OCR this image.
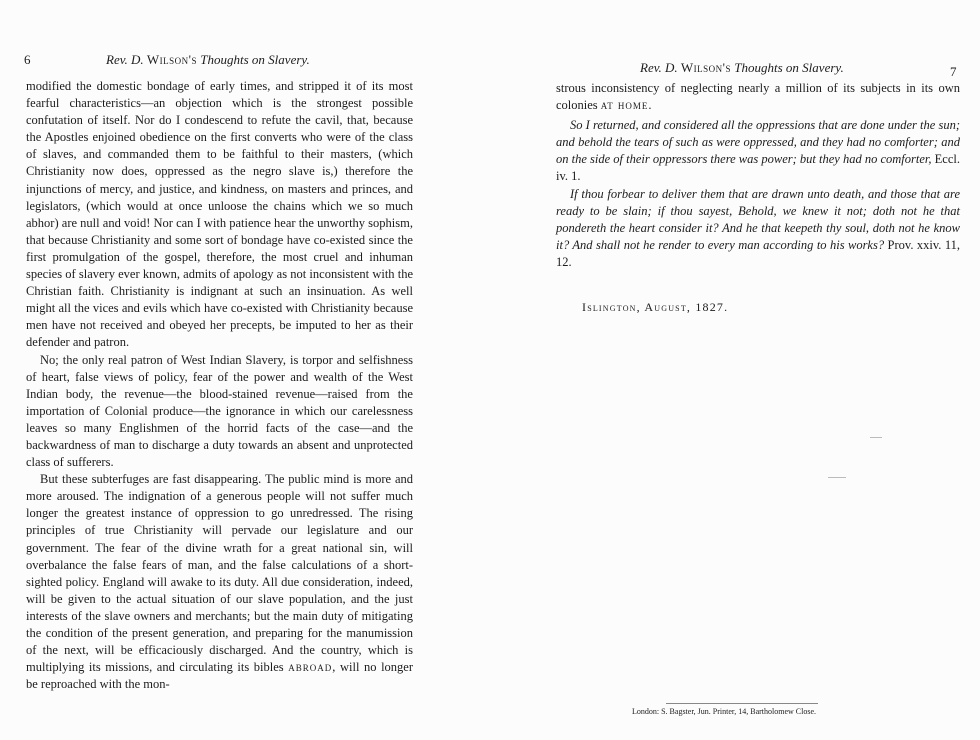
6	Rev. D. Wilson's Thoughts on Slavery.

modified the domestic bondage of early times, and stripped it of its most fearful characteristics—an objection which is the strongest possible confutation of itself. Nor do I condescend to refute the cavil, that, because the Apostles enjoined obedience on the first converts who were of the class of slaves, and commanded them to be faithful to their masters, (which Christianity now does, oppressed as the negro slave is,) therefore the injunctions of mercy, and justice, and kindness, on masters and princes, and legislators, (which would at once unloose the chains which we so much abhor) are null and void! Nor can I with patience hear the unworthy sophism, that because Christianity and some sort of bondage have co-existed since the first promulgation of the gospel, therefore, the most cruel and inhuman species of slavery ever known, admits of apology as not inconsistent with the Christian faith. Christianity is indignant at such an insinuation. As well might all the vices and evils which have co-existed with Christianity because men have not received and obeyed her precepts, be imputed to her as their defender and patron.

No; the only real patron of West Indian Slavery, is torpor and selfishness of heart, false views of policy, fear of the power and wealth of the West Indian body, the revenue—the blood-stained revenue—raised from the importation of Colonial produce—the ignorance in which our carelessness leaves so many Englishmen of the horrid facts of the case—and the backwardness of man to discharge a duty towards an absent and unprotected class of sufferers.

But these subterfuges are fast disappearing. The public mind is more and more aroused. The indignation of a generous people will not suffer much longer the greatest instance of oppression to go unredressed. The rising principles of true Christianity will pervade our legislature and our government. The fear of the divine wrath for a great national sin, will overbalance the false fears of man, and the false calculations of a short-sighted policy. England will awake to its duty. All due consideration, indeed, will be given to the actual situation of our slave population, and the just interests of the slave owners and merchants; but the main duty of mitigating the condition of the present generation, and preparing for the manumission of the next, will be efficaciously discharged. And the country, which is multiplying its missions, and circulating its bibles abroad, will no longer be reproached with the mon-

Rev. D. Wilson's Thoughts on Slavery.	7

strous inconsistency of neglecting nearly a million of its subjects in its own colonies at home.

So I returned, and considered all the oppressions that are done under the sun; and behold the tears of such as were oppressed, and they had no comforter; and on the side of their oppressors there was power; but they had no comforter, Eccl. iv. 1.

If thou forbear to deliver them that are drawn unto death, and those that are ready to be slain; if thou sayest, Behold, we knew it not; doth not he that pondereth the heart consider it? And he that keepeth thy soul, doth not he know it? And shall not he render to every man according to his works? Prov. xxiv. 11, 12.

Islington, August, 1827.
London: S. Bagster, Jun. Printer, 14, Bartholomew Close.
